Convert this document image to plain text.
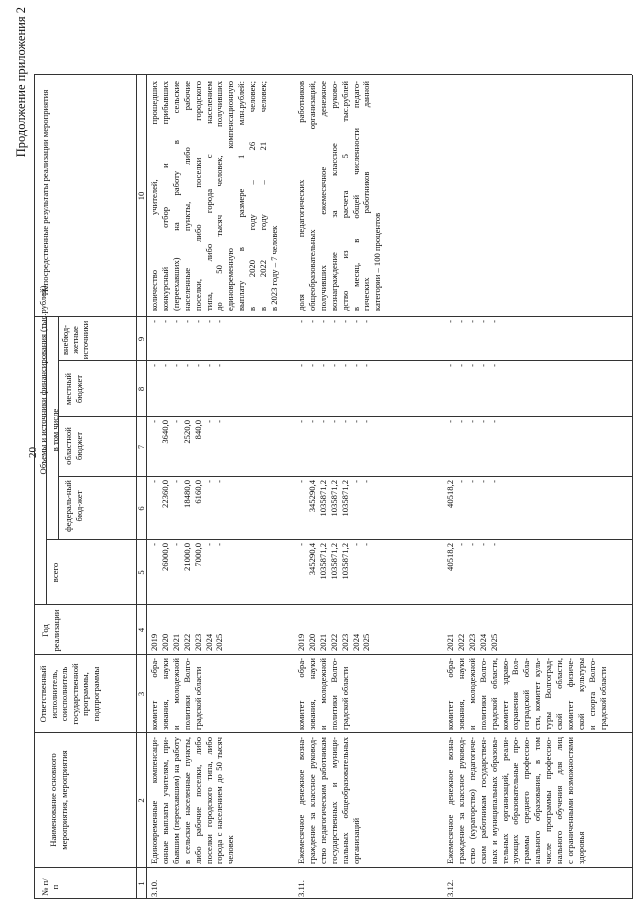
20
Продолжение приложения 2
№ п/п
Наименование основного мероприятия, мероприятия
Ответственный исполнитель, соисполнитель государственной программы, подпрограммы
Год реализации
Объемы и источники финансирования (тыс.рублей)
всего
в том числе
федераль-ный бюд-жет
областной бюджет
местный бюджет
внебюд-жетные источники
Непосредственные результаты реализации мероприятия
1
2
3
4
5
6
7
8
9
10
3.10.
Единовременные компенсаци- онные выплаты учителям, при- бывшим (переехавшим) на работу в сельские населенные пункты, либо рабочие поселки, либо поселки городского типа, либо города с населением до 50 тысяч человек
комитет обра- зования, науки и молодежной политики Волго- градской области
2019 2020 2021 2022 2023 2024 2025
- 26000,0 - 21000,0 7000,0 - -
- 22360,0 - 18480,0 6160,0 - -
- 3640,0 - 2520,0 840,0 - -
- - - - - - -
- - - - - - -
количество учителей, прошедших конкурсный отбор и прибывших (переехавших) на работу в сельские населенные пункты, либо рабочие поселки, либо поселки городского типа, либо города с населением до 50 тысяч человек, получивших единовременную компенсационную выплату в размере 1 млн.рублей: в 2020 году – 26 человек; в 2022 году – 21 человек; в 2023 году – 7 человек
3.11.
Ежемесячное денежное возна- граждение за классное руковод- ство педагогическим работникам государственных и муници- пальных общеобразовательных организаций
комитет обра- зования, науки и молодежной политики Волго- градской области
2019 2020 2021 2022 2023 2024 2025
- 345290,4 1035871,2 1035871,2 1035871,2 - -
- 345290,4 1035871,2 1035871,2 1035871,2 - -
- - - - - - -
- - - - - - -
- - - - - - -
доля педагогических работников общеобразовательных организаций, получивших ежемесячное денежное вознаграждение за классное руково- дство из расчета 5 тыс.рублей в месяц, в общей численности педаго- гических работников данной категории – 100 процентов
3.12.
Ежемесячное денежное возна- граждение за классное руковод- ство (кураторство) педагогиче- ским работникам государствен- ных и муниципальных образова- тельных организаций, реали- зующих образовательные про- граммы среднего профессио- нального образования, в том числе программы профессио- нального обучения для лиц с ограниченными возможностями здоровья
комитет обра- зования, науки и молодежной политики Волго- градской области, комитет здраво- охранения Вол- гоградской обла- сти, комитет куль- туры Волгоград- ской области, комитет физиче- ской культуры и спорта Волго- градской области
2021 2022 2023 2024 2025
40518,2 - - - -
40518,2 - - - -
- - - - -
- - - - -
- - - - -
